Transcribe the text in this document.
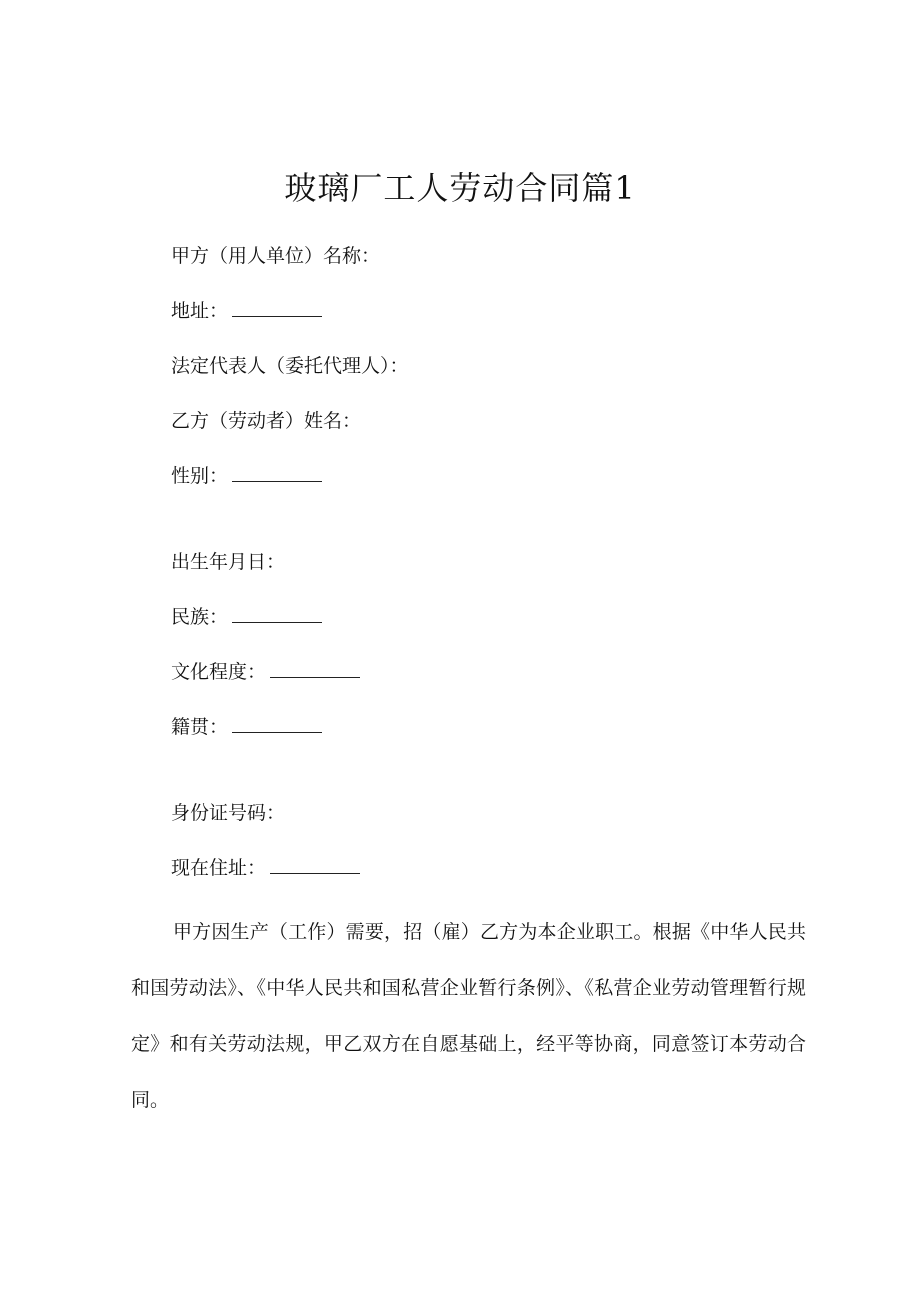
玻璃厂工人劳动合同篇1
甲方（用人单位）名称：
地址：
法定代表人（委托代理人）：
乙方（劳动者）姓名：
性别：
出生年月日：
民族：
文化程度：
籍贯：
身份证号码：
现在住址：
甲方因生产（工作）需要，招（雇）乙方为本企业职工。根据《中华人民共和国劳动法》、《中华人民共和国私营企业暂行条例》、《私营企业劳动管理暂行规定》和有关劳动法规，甲乙双方在自愿基础上，经平等协商，同意签订本劳动合同。
